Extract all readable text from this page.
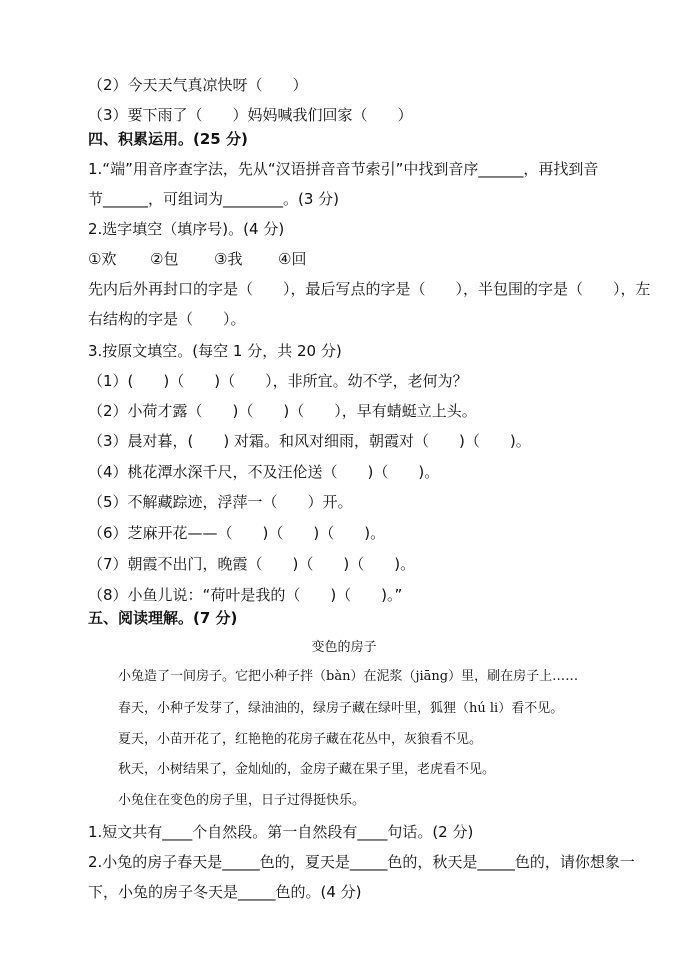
（2）今天天气真凉快呀（　　）
（3）要下雨了（　　）妈妈喊我们回家（　　）
四、积累运用。(25 分)
1.“端”用音序查字法，先从“汉语拼音音节索引”中找到音序______，再找到音
节______，可组词为________。(3 分)
2.选字填空（填序号)。(4 分)
①欢 ②包 ③我 ④回
先内后外再封口的字是（　　），最后写点的字是（　　），半包围的字是（　　），左
右结构的字是（　　）。
3.按原文填空。(每空 1 分，共 20 分)
（1）(　　)（　　)（　　），非所宜。幼不学，老何为？
（2）小荷才露（　　)（　　)（　　），早有蜻蜓立上头。
（3）晨对暮，(　　) 对霜。和风对细雨，朝霞对（　　)（　　)。
（4）桃花潭水深千尺，不及汪伦送（　　)（　　)。
（5）不解藏踪迹，浮萍一（　　）开。
（6）芝麻开花——（　　)（　　)（　　)。
（7）朝霞不出门，晚霞（　　)（　　)（　　)。
（8）小鱼儿说：“荷叶是我的（　　)（　　)。”
五、阅读理解。(7 分)
变色的房子
小兔造了一间房子。它把小种子拌（bàn）在泥浆（jiāng）里，刷在房子上……
春天，小种子发芽了，绿油油的，绿房子藏在绿叶里，狐狸（hú li）看不见。
夏天，小苗开花了，红艳艳的花房子藏在花丛中，灰狼看不见。
秋天，小树结果了，金灿灿的，金房子藏在果子里，老虎看不见。
小兔住在变色的房子里，日子过得挺快乐。
1.短文共有____个自然段。第一自然段有____句话。(2 分)
2.小兔的房子春天是_____色的，夏天是_____色的，秋天是_____色的，请你想象一
下，小兔的房子冬天是_____色的。(4 分)
